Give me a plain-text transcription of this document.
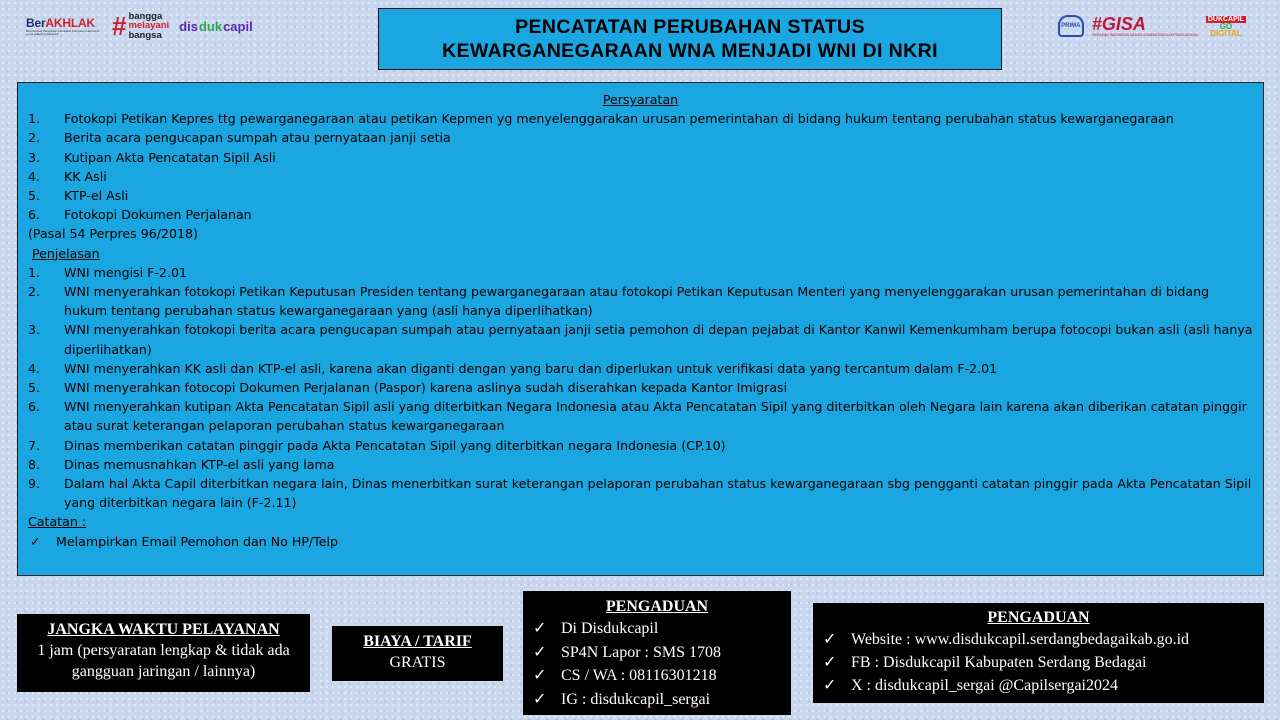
BerAKHLAK
Berorientasi Pelayanan Akuntabel Kompeten Harmonis Loyal Adaptif Kolaboratif	# bangga
melayani
bangsa
dis duk capil	PRIMA #GISA
GERAKAN INDONESIA SADAR ADMINISTRASI KEPENDUDUKAN
DUKCAPIL
GO
DIGITAL
PENCATATAN PERUBAHAN STATUS
KEWARGANEGARAAN WNA MENJADI WNI DI NKRI
Persyaratan
1.	Fotokopi Petikan Kepres ttg pewarganegaraan atau petikan Kepmen yg menyelenggarakan urusan pemerintahan di bidang hukum tentang perubahan status kewarganegaraan
2.	Berita acara pengucapan sumpah atau pernyataan janji setia
3.	Kutipan Akta Pencatatan Sipil Asli
4.	KK Asli
5.	KTP-el Asli
6.	Fotokopi Dokumen Perjalanan
(Pasal 54 Perpres 96/2018)
Penjelasan
1.	WNI mengisi F-2.01
2.	WNI menyerahkan fotokopi Petikan Keputusan Presiden tentang pewarganegaraan atau fotokopi Petikan Keputusan Menteri yang menyelenggarakan urusan pemerintahan di bidang hukum tentang perubahan status kewarganegaraan yang (asli hanya diperlihatkan)
3.	WNI menyerahkan fotokopi berita acara pengucapan sumpah atau pernyataan janji setia pemohon di depan pejabat di Kantor Kanwil Kemenkumham berupa fotocopi bukan asli (asli hanya diperlihatkan)
4.	WNI menyerahkan KK asli dan KTP-el asli, karena akan diganti dengan yang baru dan diperlukan untuk verifikasi data yang tercantum dalam F-2.01
5.	WNI menyerahkan fotocopi Dokumen Perjalanan (Paspor) karena aslinya sudah diserahkan kepada Kantor Imigrasi
6.	WNI menyerahkan kutipan Akta Pencatatan Sipil asli yang diterbitkan Negara Indonesia atau Akta Pencatatan Sipil yang diterbitkan oleh Negara lain karena akan diberikan catatan pinggir atau surat keterangan pelaporan perubahan status kewarganegaraan
7.	Dinas memberikan catatan pinggir pada Akta Pencatatan Sipil yang diterbitkan negara Indonesia (CP.10)
8.	Dinas memusnahkan KTP-el asli yang lama
9.	Dalam hal Akta Capil diterbitkan negara lain, Dinas menerbitkan surat keterangan pelaporan perubahan status kewarganegaraan sbg pengganti catatan pinggir pada Akta Pencatatan Sipil yang diterbitkan negara lain (F-2.11)
Catatan :
✓	Melampirkan Email Pemohon dan No HP/Telp
JANGKA WAKTU PELAYANAN
1 jam (persyaratan lengkap & tidak ada gangguan jaringan / lainnya)
BIAYA / TARIF
GRATIS
PENGADUAN
✓ Di Disdukcapil
✓ SP4N Lapor : SMS 1708
✓ CS / WA : 08116301218
✓ IG : disdukcapil_sergai
PENGADUAN
✓ Website : www.disdukcapil.serdangbedagaikab.go.id
✓ FB : Disdukcapil Kabupaten Serdang Bedagai
✓ X : disdukcapil_sergai @Capilsergai2024
